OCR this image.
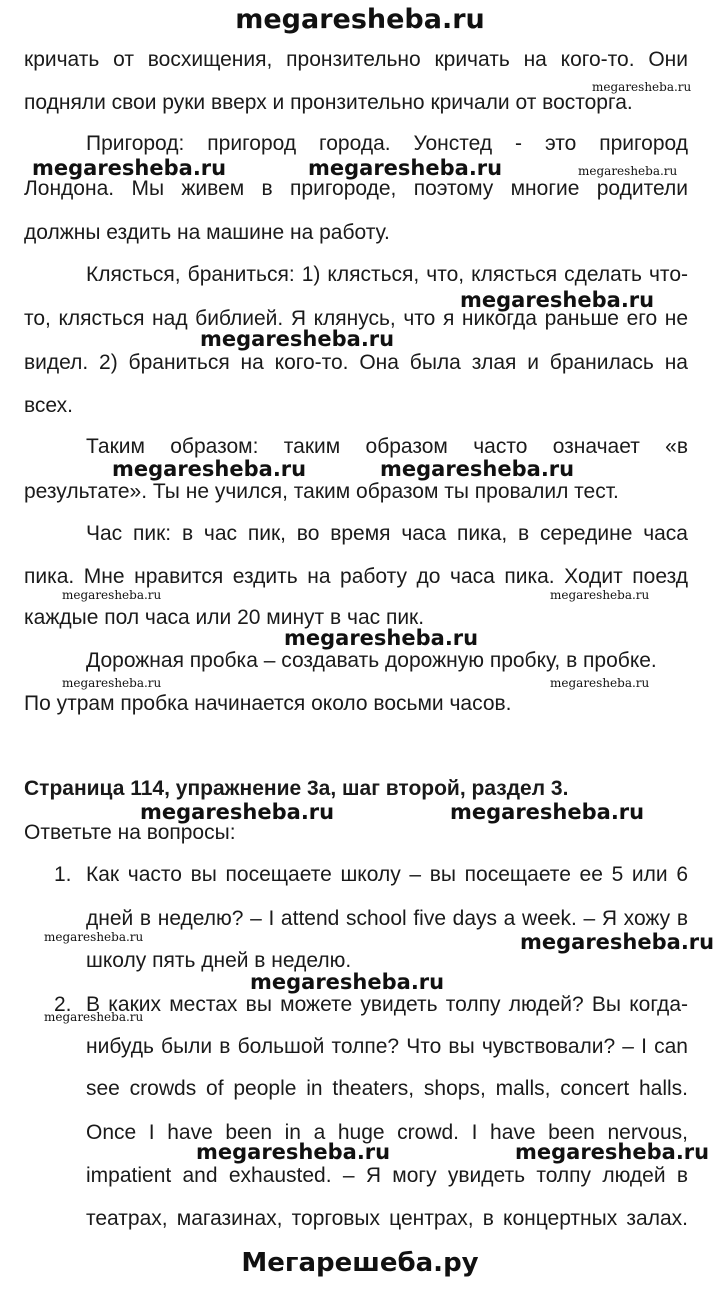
megaresheba.ru
кричать от восхищения, пронзительно кричать на кого-то. Они
подняли свои руки вверх и пронзительно кричали от восторга.
Пригород: пригород города. Уонстед - это пригород
Лондона. Мы живем в пригороде, поэтому многие родители
должны ездить на машине на работу.
Клясться, браниться: 1) клясться, что, клясться сделать что-
то, клясться над библией. Я клянусь, что я никогда раньше его не
видел. 2) браниться на кого-то. Она была злая и бранилась на
всех.
Таким образом: таким образом часто означает «в
результате». Ты не учился, таким образом ты провалил тест.
Час пик: в час пик, во время часа пика, в середине часа
пика. Мне нравится ездить на работу до часа пика. Ходит поезд
каждые пол часа или 20 минут в час пик.
Дорожная пробка – создавать дорожную пробку, в пробке.
По утрам пробка начинается около восьми часов.
Страница 114, упражнение 3а, шаг второй, раздел 3.
Ответьте на вопросы:
1. Как часто вы посещаете школу – вы посещаете ее 5 или 6
дней в неделю? – I attend school five days a week. – Я хожу в
школу пять дней в неделю.
2. В каких местах вы можете увидеть толпу людей? Вы когда-
нибудь были в большой толпе? Что вы чувствовали? – I can
see crowds of people in theaters, shops, malls, concert halls.
Once I have been in a huge crowd. I have been nervous,
impatient and exhausted. – Я могу увидеть толпу людей в
театрах, магазинах, торговых центрах, в концертных залах.
megaresheba.ru	megaresheba.ru
megaresheba.ru
megaresheba.ru
megaresheba.ru	megaresheba.ru
megaresheba.ru
megaresheba.ru	megaresheba.ru
megaresheba.ru
megaresheba.ru
megaresheba.ru	megaresheba.ru
megaresheba.ru
megaresheba.ru
megaresheba.ru	megaresheba.ru
megaresheba.ru	megaresheba.ru
megaresheba.ru
megaresheba.ru
Мегарешеба.ру
